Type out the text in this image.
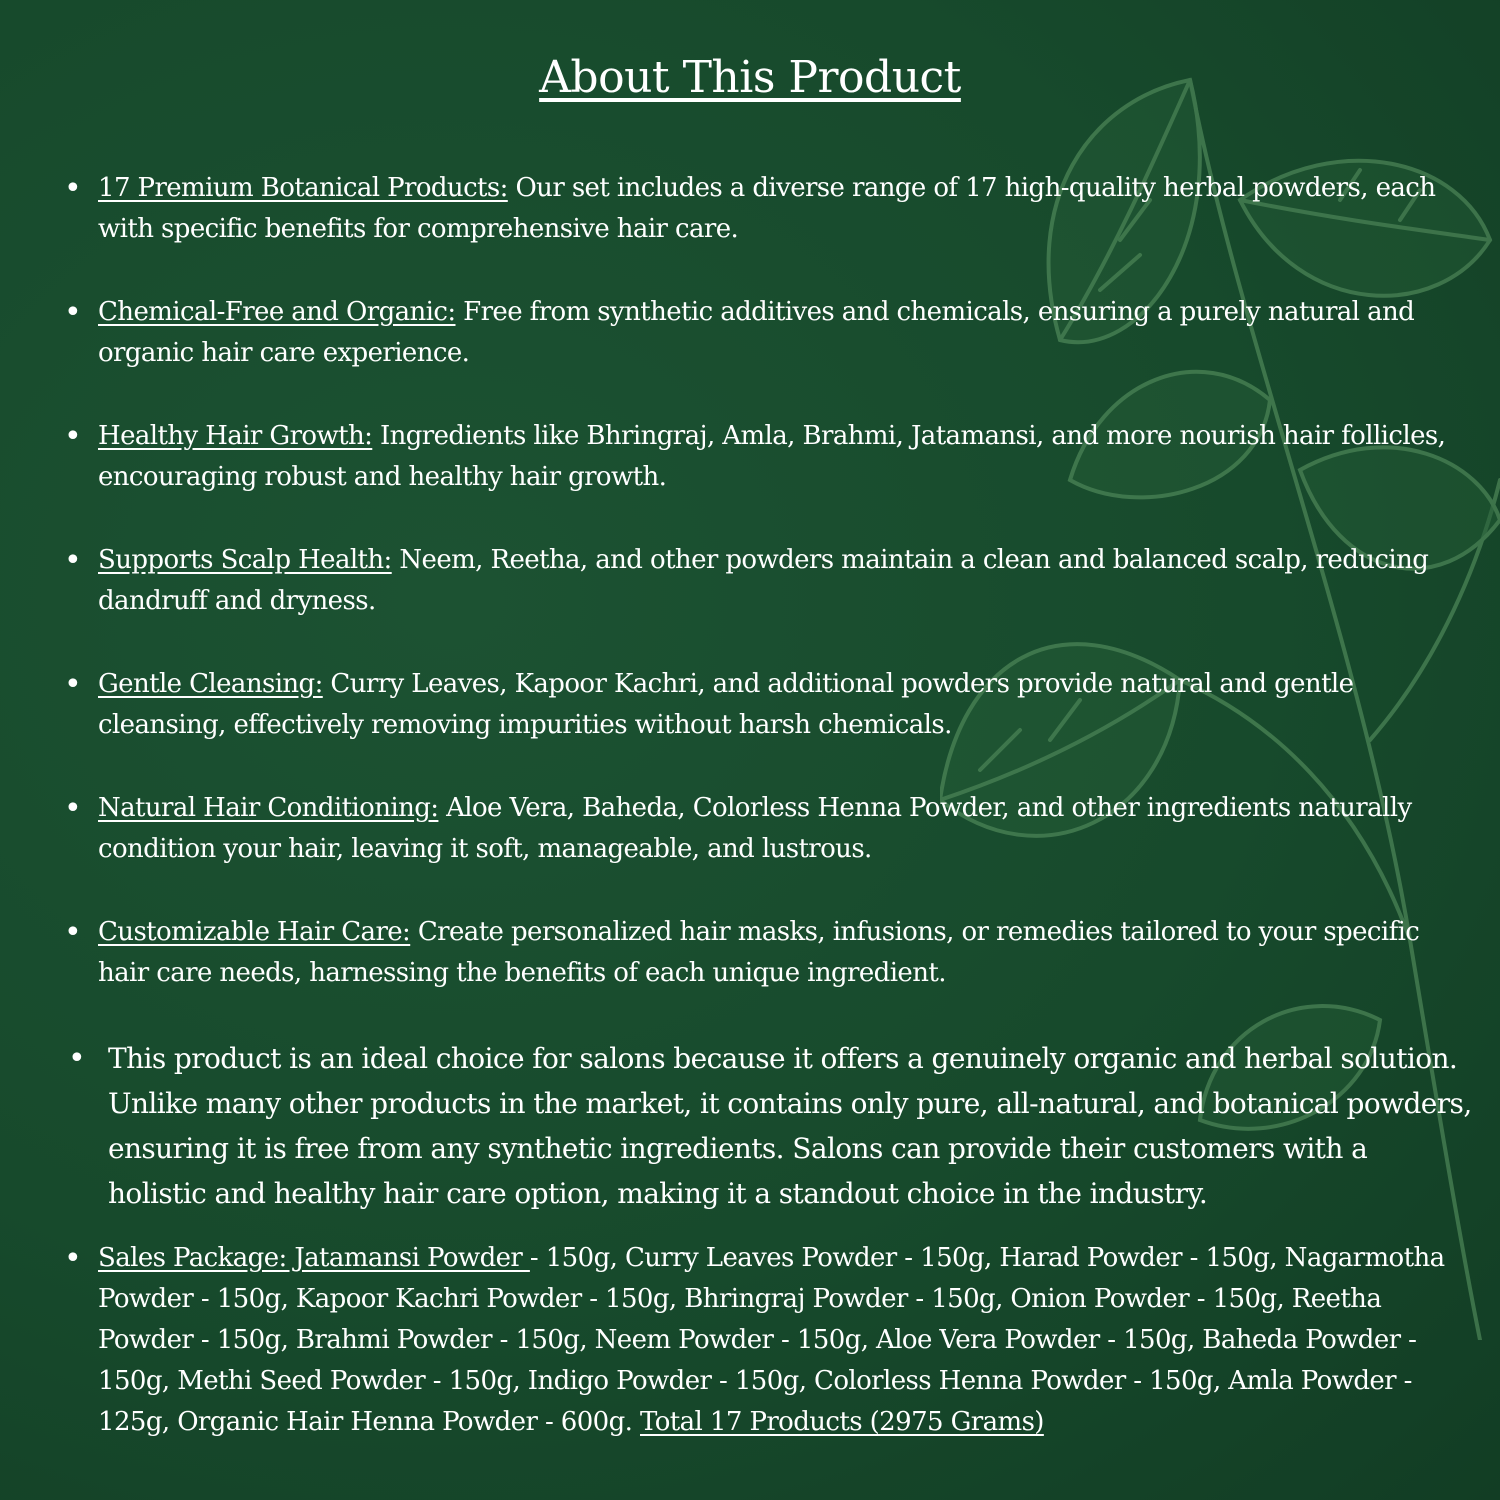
About This Product
• 17 Premium Botanical Products: Our set includes a diverse range of 17 high-quality herbal powders, each with specific benefits for comprehensive hair care.
• Chemical-Free and Organic: Free from synthetic additives and chemicals, ensuring a purely natural and organic hair care experience.
• Healthy Hair Growth: Ingredients like Bhringraj, Amla, Brahmi, Jatamansi, and more nourish hair follicles, encouraging robust and healthy hair growth.
• Supports Scalp Health: Neem, Reetha, and other powders maintain a clean and balanced scalp, reducing dandruff and dryness.
• Gentle Cleansing: Curry Leaves, Kapoor Kachri, and additional powders provide natural and gentle cleansing, effectively removing impurities without harsh chemicals.
• Natural Hair Conditioning: Aloe Vera, Baheda, Colorless Henna Powder, and other ingredients naturally condition your hair, leaving it soft, manageable, and lustrous.
• Customizable Hair Care: Create personalized hair masks, infusions, or remedies tailored to your specific hair care needs, harnessing the benefits of each unique ingredient.
• This product is an ideal choice for salons because it offers a genuinely organic and herbal solution. Unlike many other products in the market, it contains only pure, all-natural, and botanical powders, ensuring it is free from any synthetic ingredients. Salons can provide their customers with a holistic and healthy hair care option, making it a standout choice in the industry.
• Sales Package: Jatamansi Powder - 150g, Curry Leaves Powder - 150g, Harad Powder - 150g, Nagarmotha Powder - 150g, Kapoor Kachri Powder - 150g, Bhringraj Powder - 150g, Onion Powder - 150g, Reetha Powder - 150g, Brahmi Powder - 150g, Neem Powder - 150g, Aloe Vera Powder - 150g, Baheda Powder - 150g, Methi Seed Powder - 150g, Indigo Powder - 150g, Colorless Henna Powder - 150g, Amla Powder - 125g, Organic Hair Henna Powder - 600g. Total 17 Products (2975 Grams)
